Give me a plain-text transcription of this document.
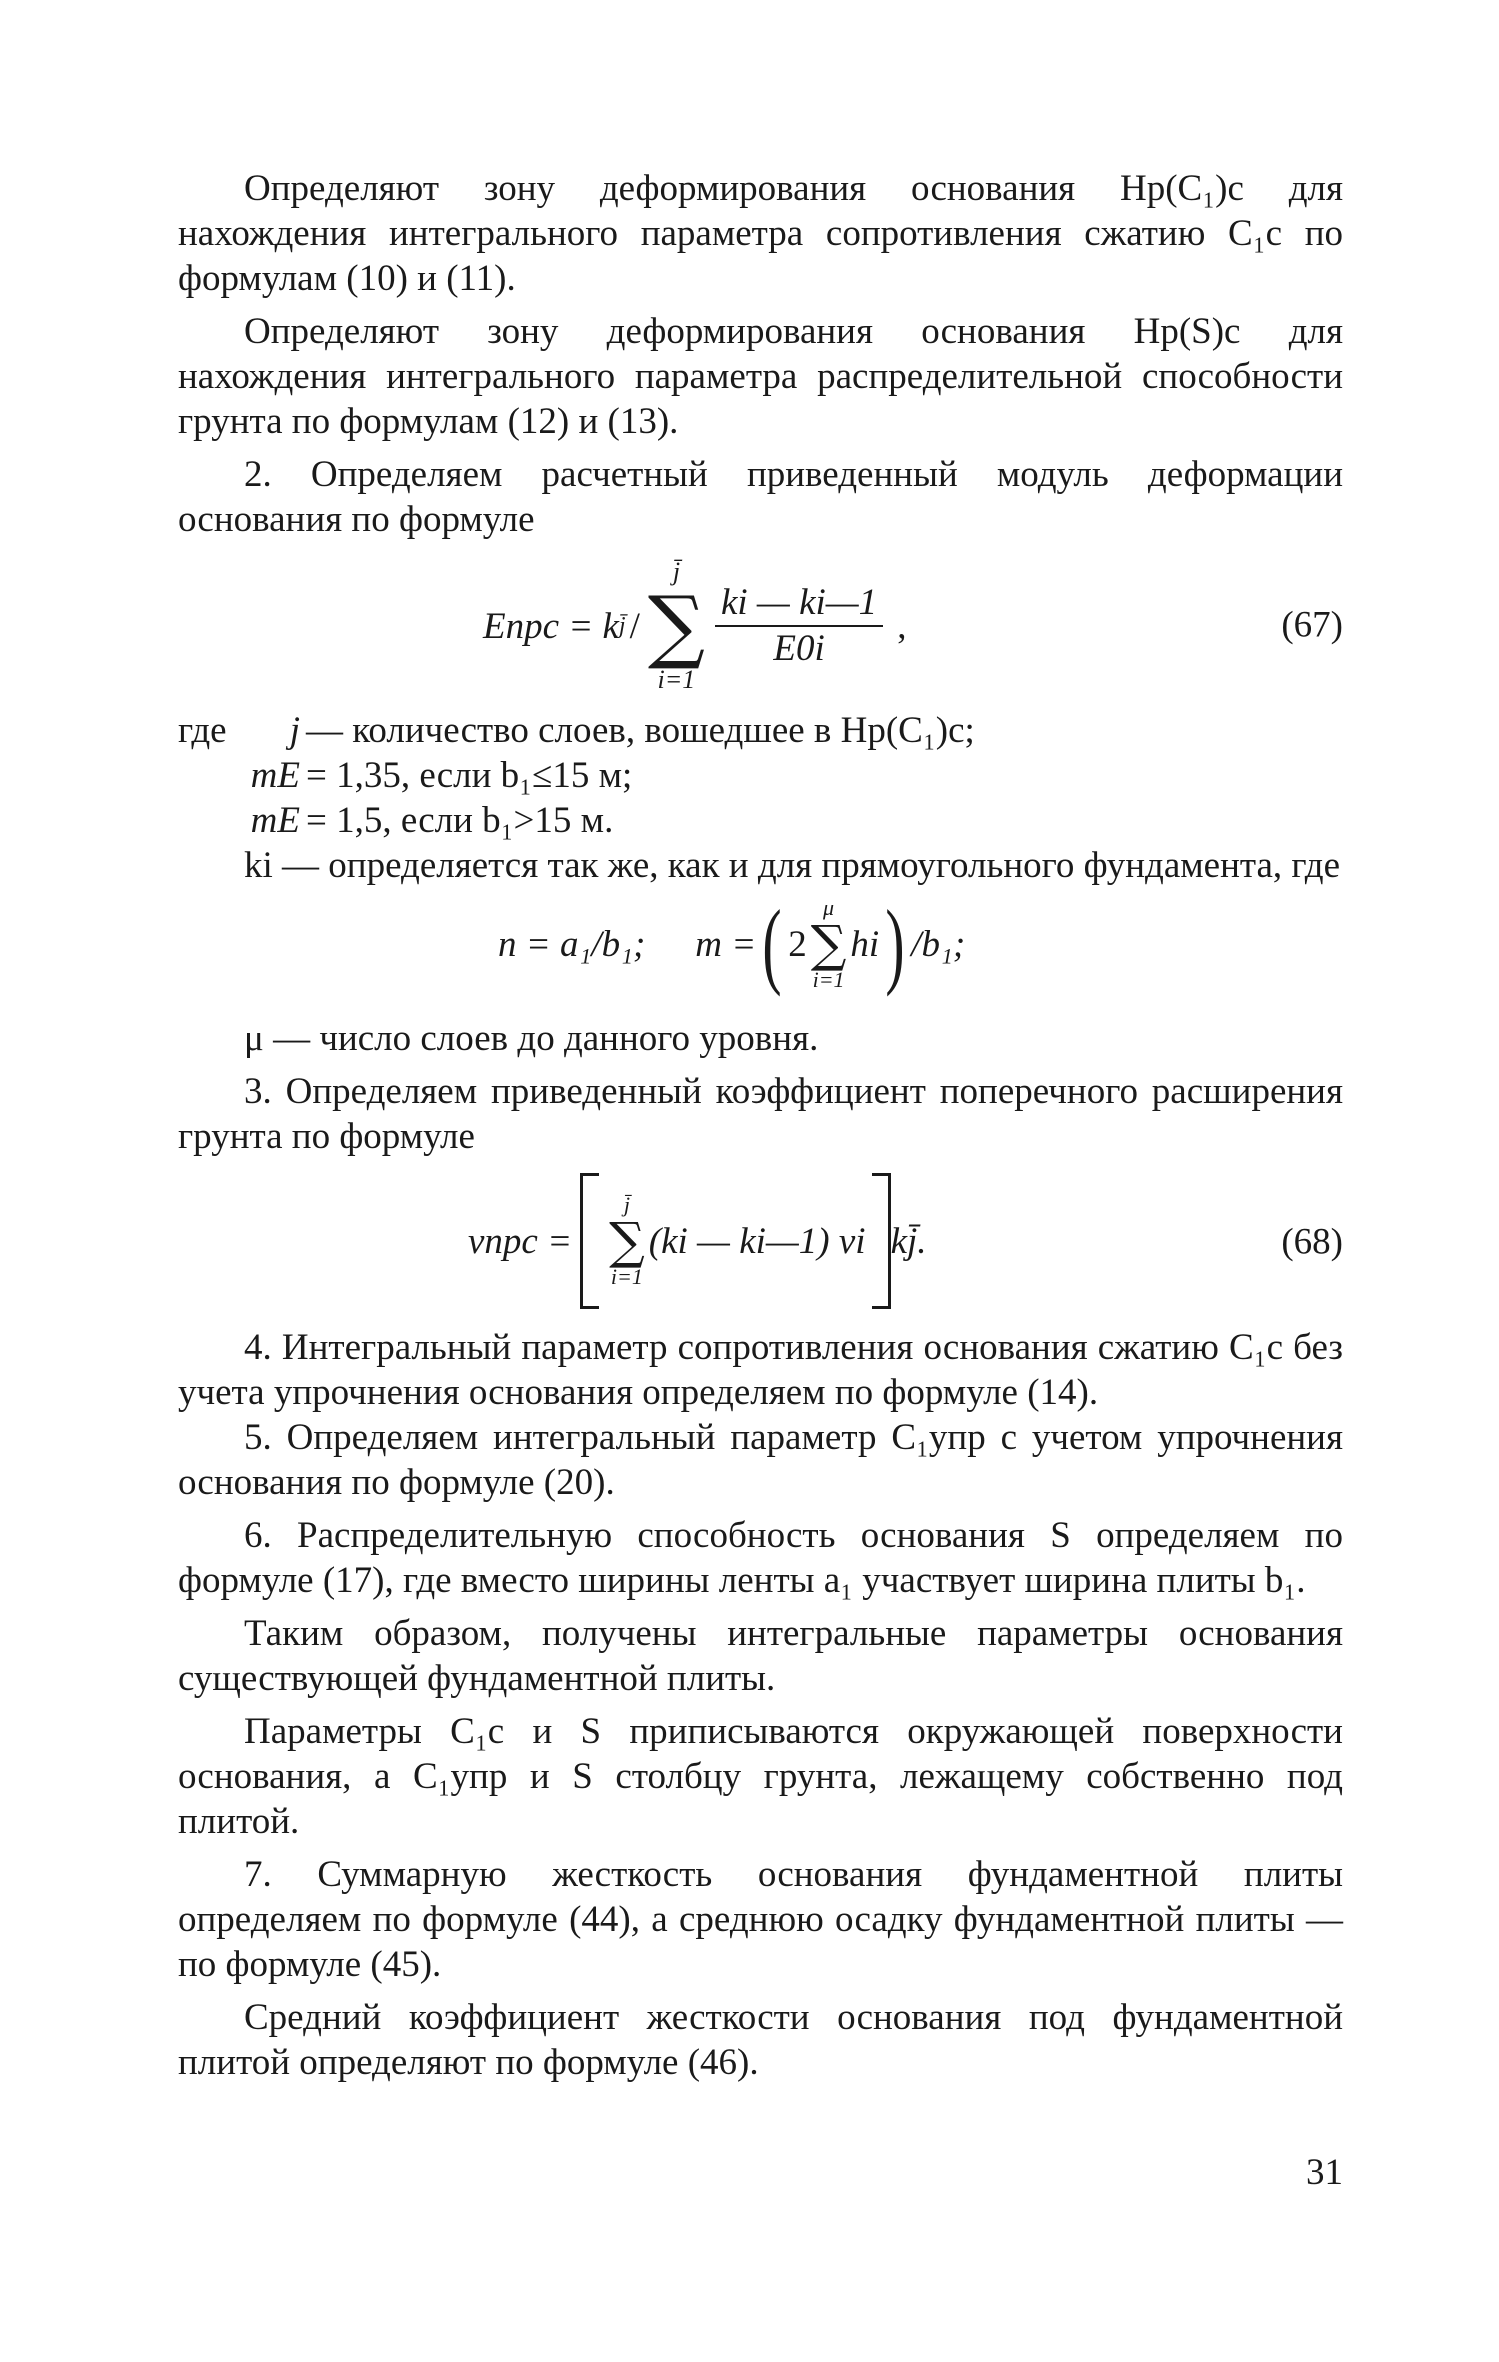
Определяют зону деформирования основания Hp(C₁)c для нахождения интегрального параметра сопротивления сжатию C₁c по формулам (10) и (11).

Определяют зону деформирования основания Hp(S)c для нахождения интегрального параметра распределительной способности грунта по формулам (12) и (13).

2. Определяем расчетный приведенный модуль деформации основания по формуле

Eпрс = k j̄ /
j̄
∑
i=1
$\frac{ki — ki—1}{E0i}$ ,	(67)
где	j — количество слоев, вошедшее в Hp(C₁)c;
mE = 1,35, если b₁≤15 м;
mE = 1,5, если b₁>15 м.

ki — определяется так же, как и для прямоугольного фундамента, где

n = a₁/b₁; m = ( 2
μ
∑
i=1
hi ) /b₁;

μ — число слоев до данного уровня.

3. Определяем приведенный коэффициент поперечного расширения грунта по формуле

νпрс =
j̄
∑
i=1
(ki — ki—1) νi kj̄.	(68)

4. Интегральный параметр сопротивления основания сжатию C₁c без учета упрочнения основания определяем по формуле (14).

5. Определяем интегральный параметр C₁упр с учетом упрочнения основания по формуле (20).

6. Распределительную способность основания S определяем по формуле (17), где вместо ширины ленты a₁ участвует ширина плиты b₁.

Таким образом, получены интегральные параметры основания существующей фундаментной плиты.

Параметры C₁c и S приписываются окружающей поверхности основания, а C₁упр и S столбцу грунта, лежащему собственно под плитой.

7. Суммарную жесткость основания фундаментной плиты определяем по формуле (44), а среднюю осадку фундаментной плиты — по формуле (45).

Средний коэффициент жесткости основания под фундаментной плитой определяют по формуле (46).

31
